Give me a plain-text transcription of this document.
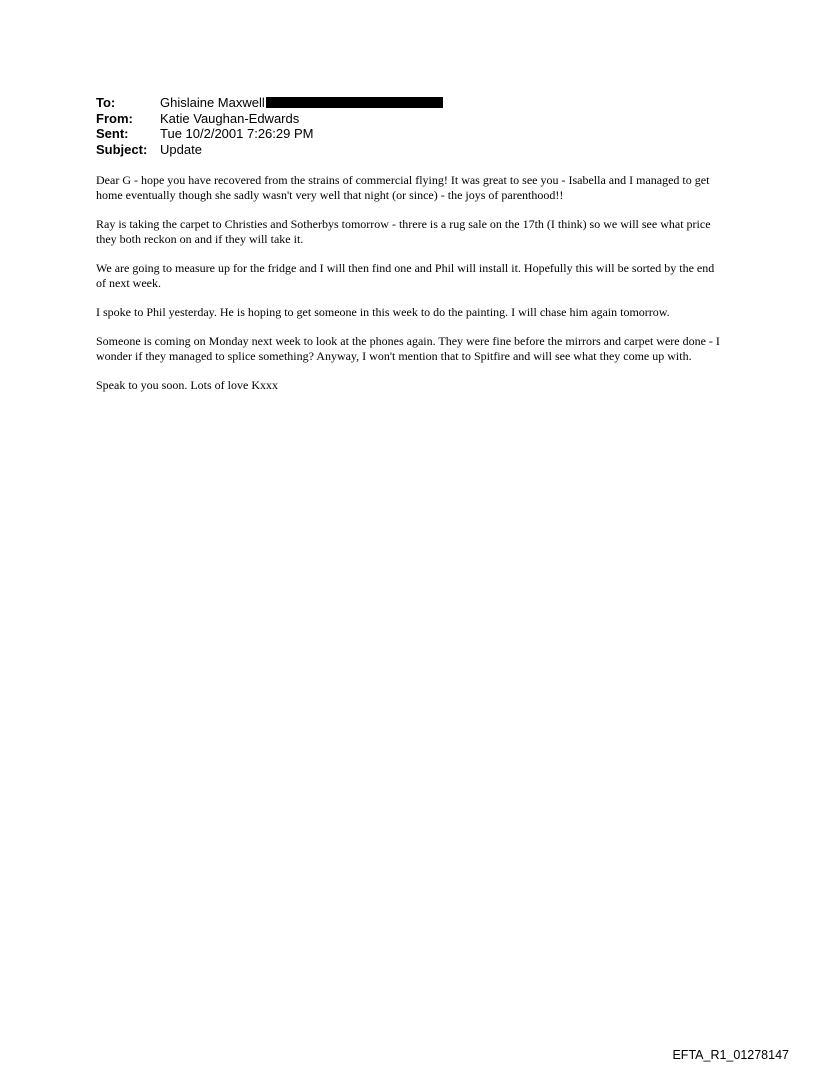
To:	Ghislaine Maxwell
From:	Katie Vaughan-Edwards
Sent:	Tue 10/2/2001 7:26:29 PM
Subject: Update

Dear G - hope you have recovered from the strains of commercial flying! It was great to see you - Isabella and I managed to get home eventually though she sadly wasn't very well that night (or since) - the joys of parenthood!!

Ray is taking the carpet to Christies and Sotherbys tomorrow - threre is a rug sale on the 17th (I think) so we will see what price they both reckon on and if they will take it.

We are going to measure up for the fridge and I will then find one and Phil will install it. Hopefully this will be sorted by the end of next week.

I spoke to Phil yesterday. He is hoping to get someone in this week to do the painting. I will chase him again tomorrow.

Someone is coming on Monday next week to look at the phones again. They were fine before the mirrors and carpet were done - I wonder if they managed to splice something? Anyway, I won't mention that to Spitfire and will see what they come up with.

Speak to you soon. Lots of love Kxxx

EFTA_R1_01278147
